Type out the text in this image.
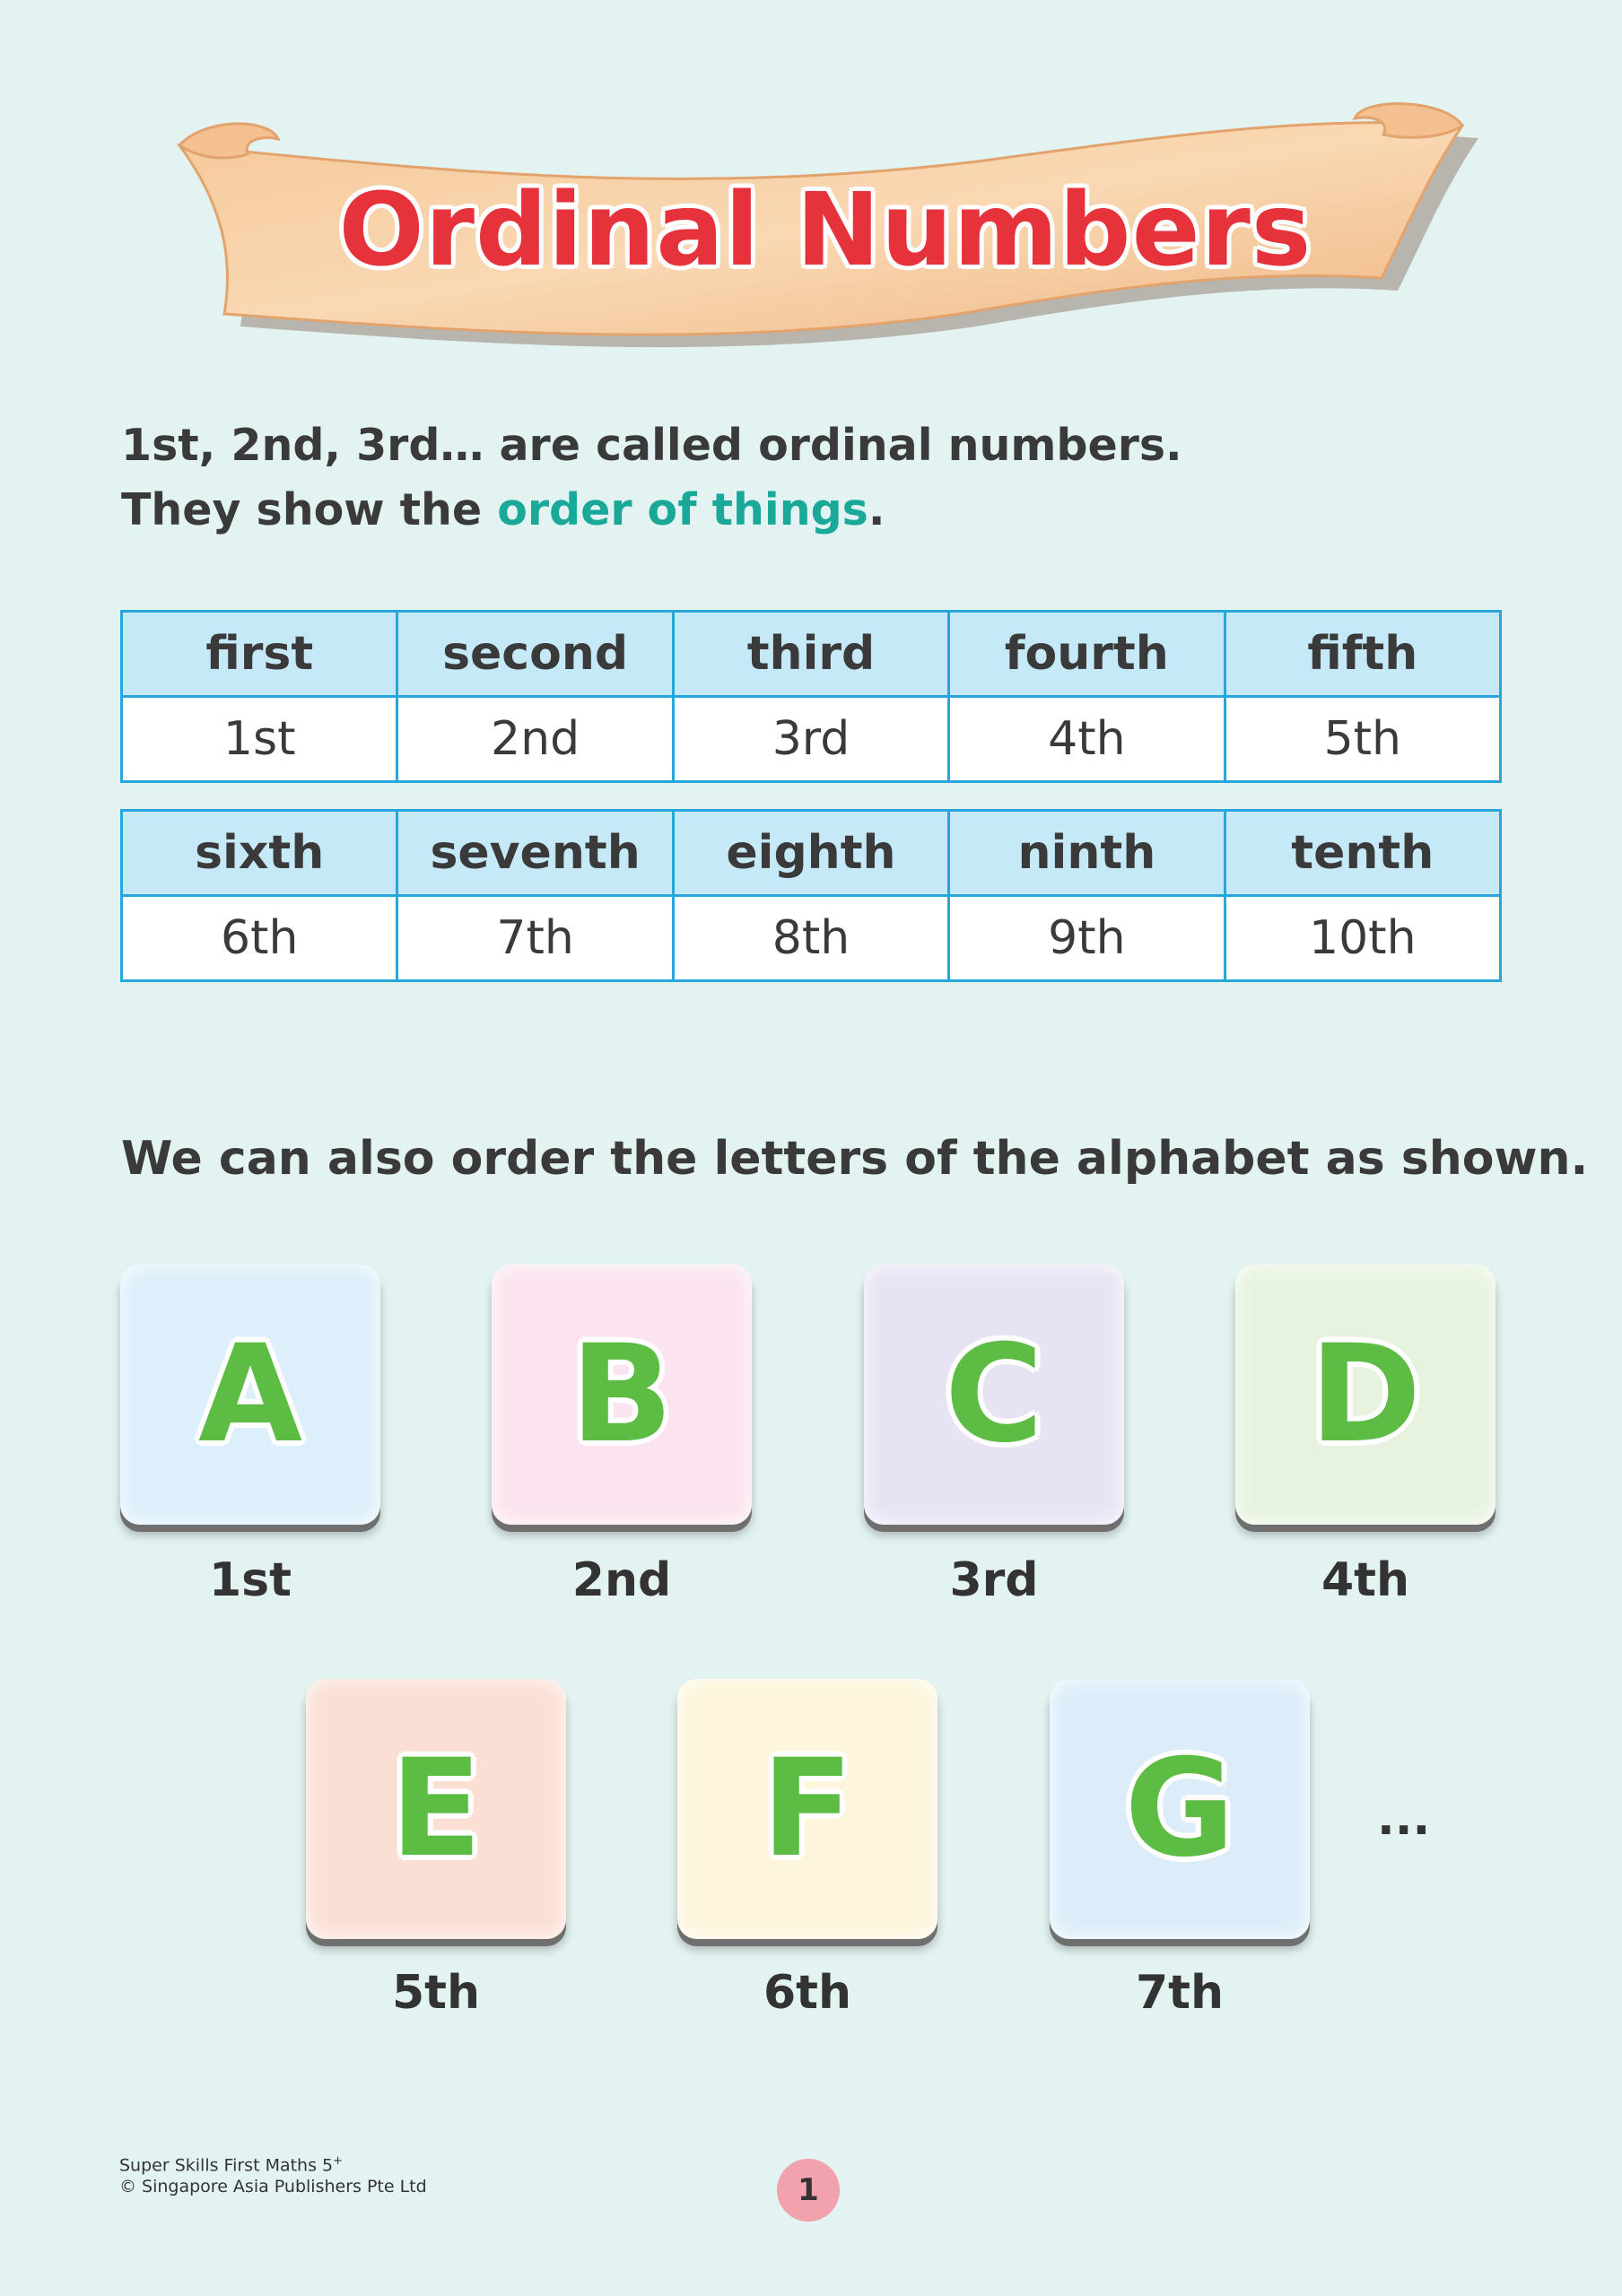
Ordinal Numbers
1st, 2nd, 3rd… are called ordinal numbers.
They show the order of things.
first	second	third	fourth	fifth
1st	2nd	3rd	4th	5th
sixth	seventh	eighth	ninth	tenth
6th	7th	8th	9th	10th
We can also order the letters of the alphabet as shown.
A
1st
B
2nd
C
3rd
D
4th
E
5th
F
6th
G
7th
...
Super Skills First Maths 5+
© Singapore Asia Publishers Pte Ltd	1
